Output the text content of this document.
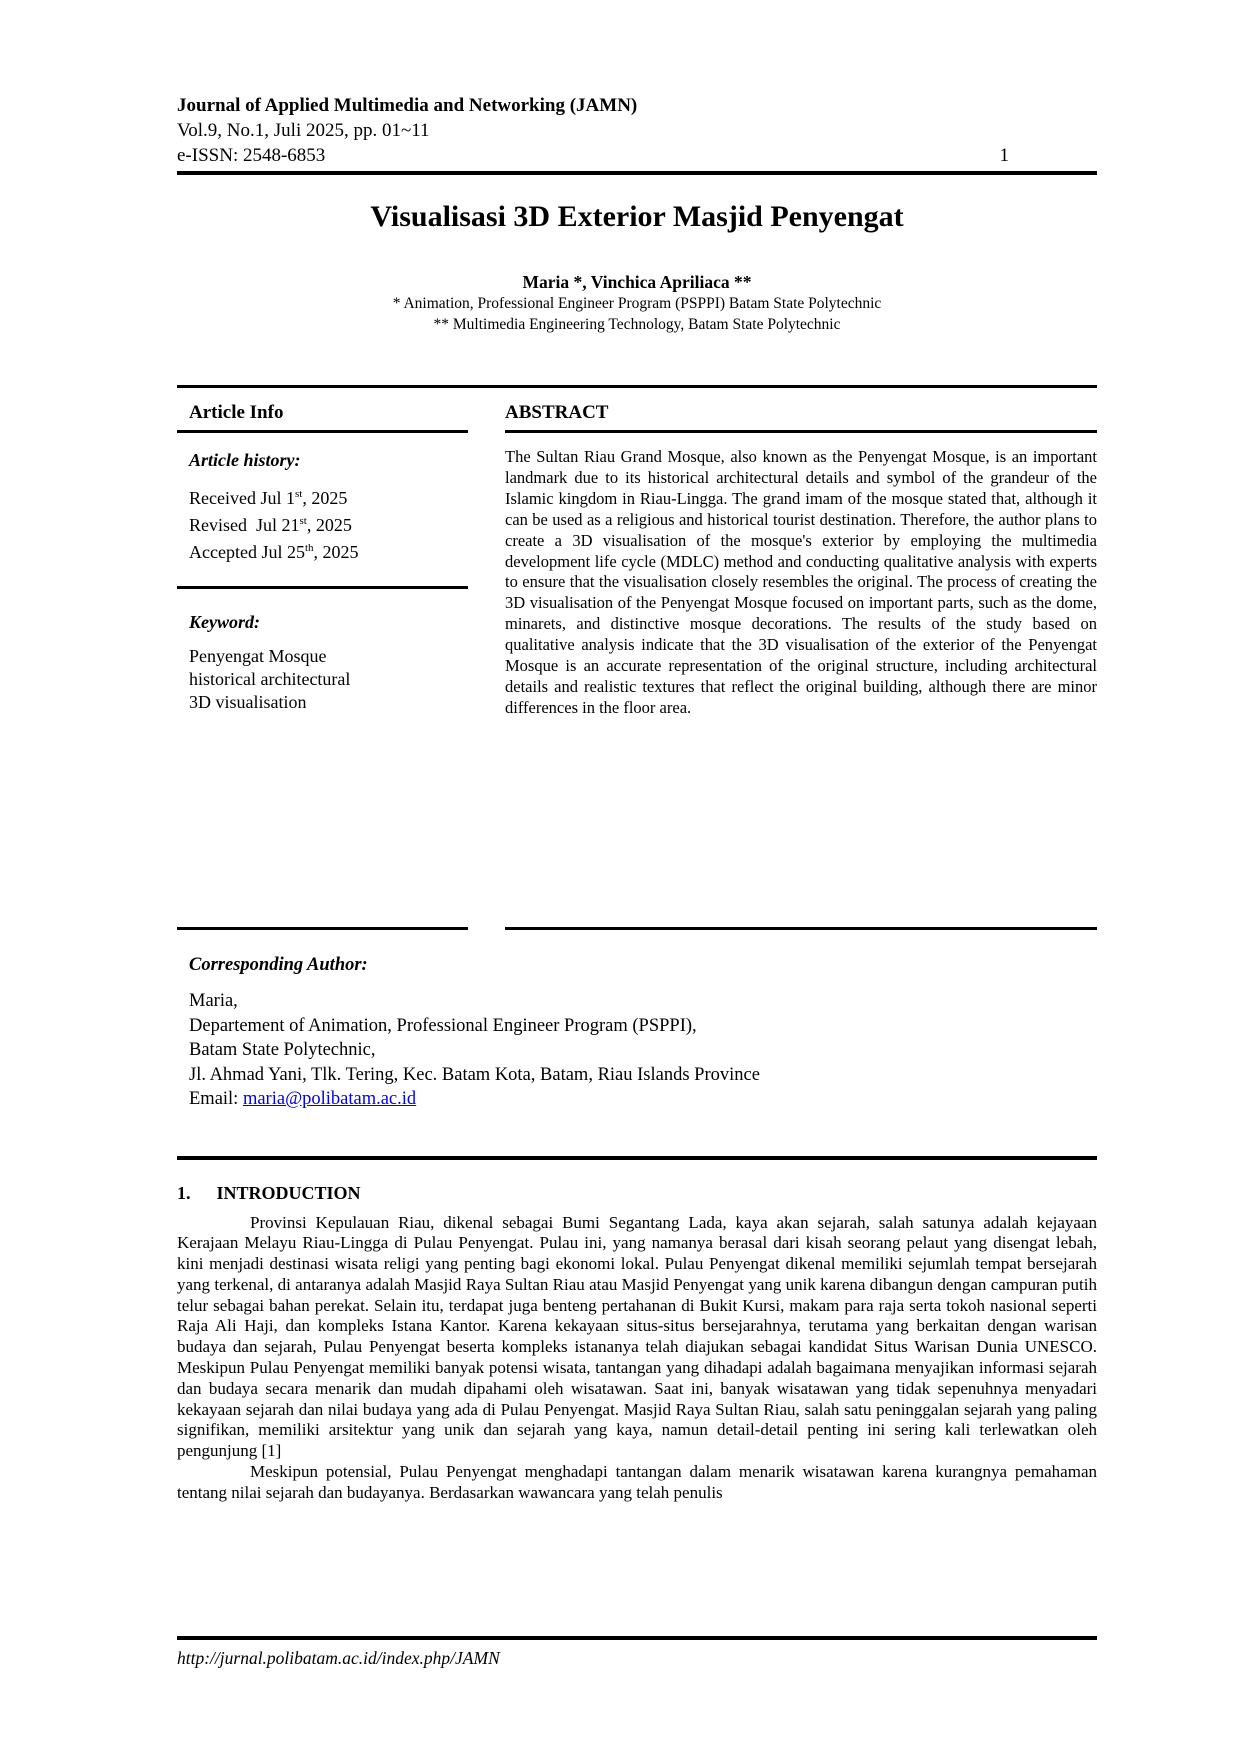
Journal of Applied Multimedia and Networking (JAMN)
Vol.9, No.1, Juli 2025, pp. 01~11
e-ISSN: 2548-6853	1
Visualisasi 3D Exterior Masjid Penyengat
Maria *, Vinchica Apriliaca **
* Animation, Professional Engineer Program (PSPPI) Batam State Polytechnic
** Multimedia Engineering Technology, Batam State Polytechnic
Article Info
Article history:
Received Jul 1st, 2025
Revised  Jul 21st, 2025
Accepted Jul 25th, 2025
Keyword:
Penyengat Mosque
historical architectural
3D visualisation
ABSTRACT

The Sultan Riau Grand Mosque, also known as the Penyengat Mosque, is an important landmark due to its historical architectural details and symbol of the grandeur of the Islamic kingdom in Riau-Lingga. The grand imam of the mosque stated that, although it can be used as a religious and historical tourist destination. Therefore, the author plans to create a 3D visualisation of the mosque's exterior by employing the multimedia development life cycle (MDLC) method and conducting qualitative analysis with experts to ensure that the visualisation closely resembles the original. The process of creating the 3D visualisation of the Penyengat Mosque focused on important parts, such as the dome, minarets, and distinctive mosque decorations. The results of the study based on qualitative analysis indicate that the 3D visualisation of the exterior of the Penyengat Mosque is an accurate representation of the original structure, including architectural details and realistic textures that reflect the original building, although there are minor differences in the floor area.

Corresponding Author:
Maria,
Departement of Animation, Professional Engineer Program (PSPPI),
Batam State Polytechnic,
Jl. Ahmad Yani, Tlk. Tering, Kec. Batam Kota, Batam, Riau Islands Province
Email: maria@polibatam.ac.id
1. INTRODUCTION

Provinsi Kepulauan Riau, dikenal sebagai Bumi Segantang Lada, kaya akan sejarah, salah satunya adalah kejayaan Kerajaan Melayu Riau-Lingga di Pulau Penyengat. Pulau ini, yang namanya berasal dari kisah seorang pelaut yang disengat lebah, kini menjadi destinasi wisata religi yang penting bagi ekonomi lokal. Pulau Penyengat dikenal memiliki sejumlah tempat bersejarah yang terkenal, di antaranya adalah Masjid Raya Sultan Riau atau Masjid Penyengat yang unik karena dibangun dengan campuran putih telur sebagai bahan perekat. Selain itu, terdapat juga benteng pertahanan di Bukit Kursi, makam para raja serta tokoh nasional seperti Raja Ali Haji, dan kompleks Istana Kantor. Karena kekayaan situs-situs bersejarahnya, terutama yang berkaitan dengan warisan budaya dan sejarah, Pulau Penyengat beserta kompleks istananya telah diajukan sebagai kandidat Situs Warisan Dunia UNESCO. Meskipun Pulau Penyengat memiliki banyak potensi wisata, tantangan yang dihadapi adalah bagaimana menyajikan informasi sejarah dan budaya secara menarik dan mudah dipahami oleh wisatawan. Saat ini, banyak wisatawan yang tidak sepenuhnya menyadari kekayaan sejarah dan nilai budaya yang ada di Pulau Penyengat. Masjid Raya Sultan Riau, salah satu peninggalan sejarah yang paling signifikan, memiliki arsitektur yang unik dan sejarah yang kaya, namun detail-detail penting ini sering kali terlewatkan oleh pengunjung [1]

Meskipun potensial, Pulau Penyengat menghadapi tantangan dalam menarik wisatawan karena kurangnya pemahaman tentang nilai sejarah dan budayanya. Berdasarkan wawancara yang telah penulis

http://jurnal.polibatam.ac.id/index.php/JAMN
